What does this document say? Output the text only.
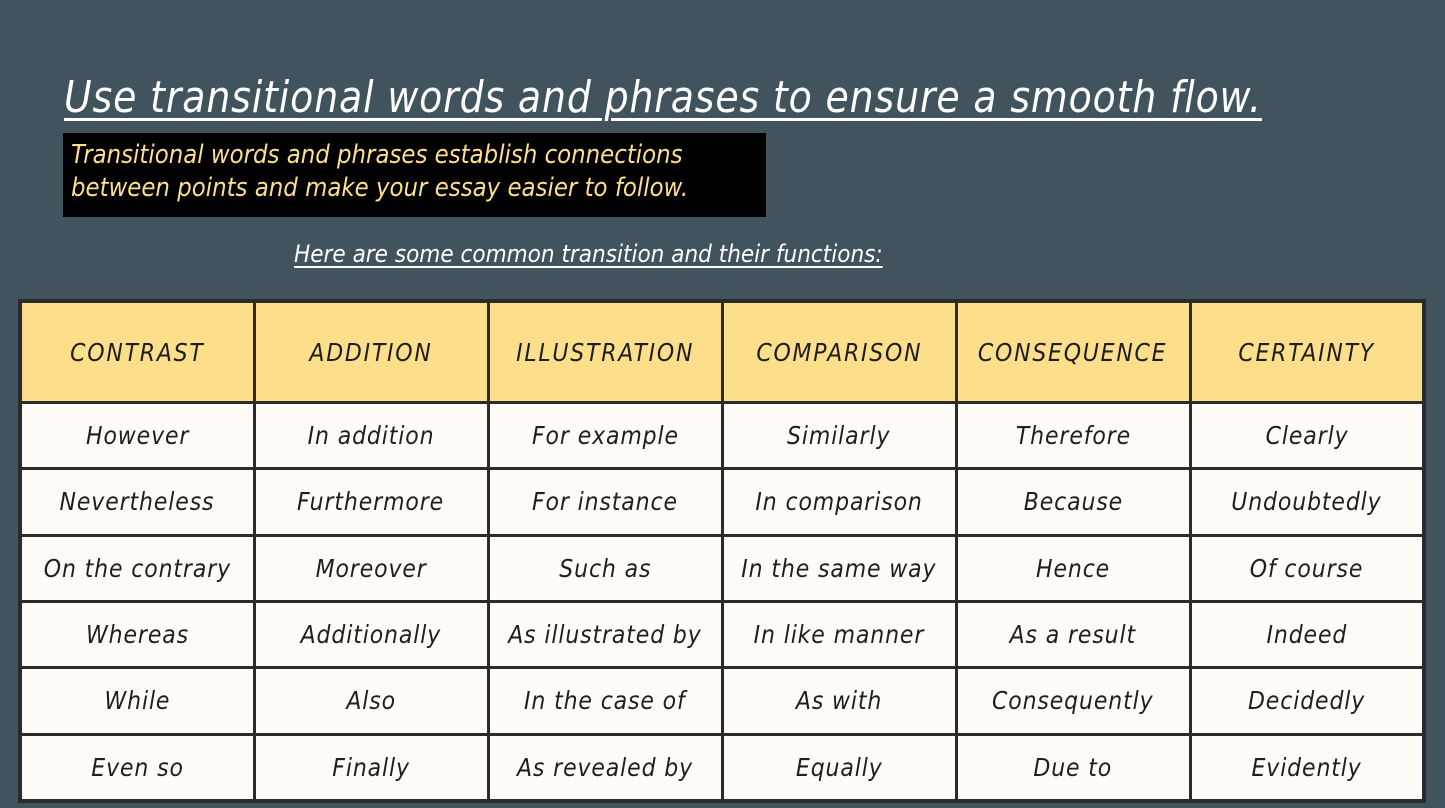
Use transitional words and phrases to ensure a smooth flow.
Transitional words and phrases establish connections
between points and make your essay easier to follow.
Here are some common transition and their functions:
CONTRAST	ADDITION	ILLUSTRATION	COMPARISON	CONSEQUENCE	CERTAINTY
However	In addition	For example	Similarly	Therefore	Clearly
Nevertheless	Furthermore	For instance	In comparison	Because	Undoubtedly
On the contrary	Moreover	Such as	In the same way	Hence	Of course
Whereas	Additionally	As illustrated by	In like manner	As a result	Indeed
While	Also	In the case of	As with	Consequently	Decidedly
Even so	Finally	As revealed by	Equally	Due to	Evidently
